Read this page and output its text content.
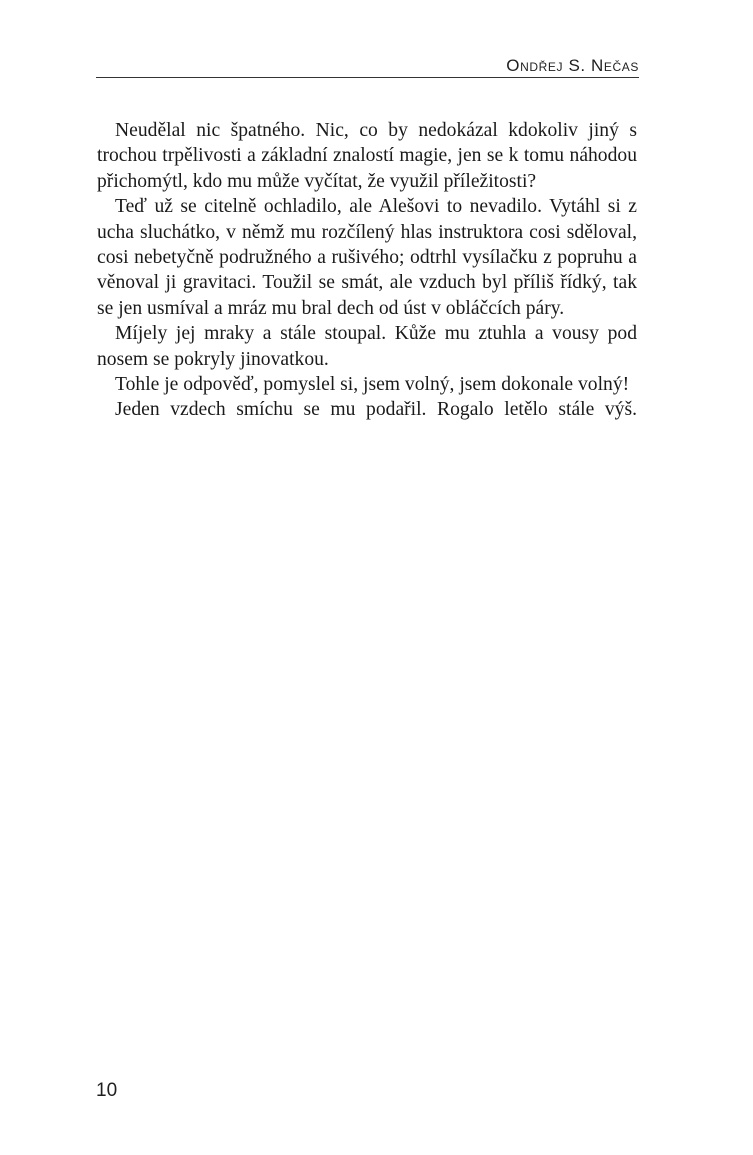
Ondřej S. Nečas

Neudělal nic špatného. Nic, co by nedokázal kdokoliv jiný s trochou trpělivosti a základní znalostí magie, jen se k tomu náhodou přichomýtl, kdo mu může vyčítat, že využil příležitosti?

Teď už se citelně ochladilo, ale Alešovi to nevadilo. Vytáhl si z ucha sluchátko, v němž mu rozčílený hlas instruktora cosi sděloval, cosi nebetyčně podružného a rušivého; odtrhl vysílačku z popruhu a věnoval ji gravitaci. Toužil se smát, ale vzduch byl příliš řídký, tak se jen usmíval a mráz mu bral dech od úst v obláčcích páry.

Míjely jej mraky a stále stoupal. Kůže mu ztuhla a vousy pod nosem se pokryly jinovatkou.

Tohle je odpověď, pomyslel si, jsem volný, jsem dokonale volný!

Jeden vzdech smíchu se mu podařil. Rogalo letělo stále výš.

10
